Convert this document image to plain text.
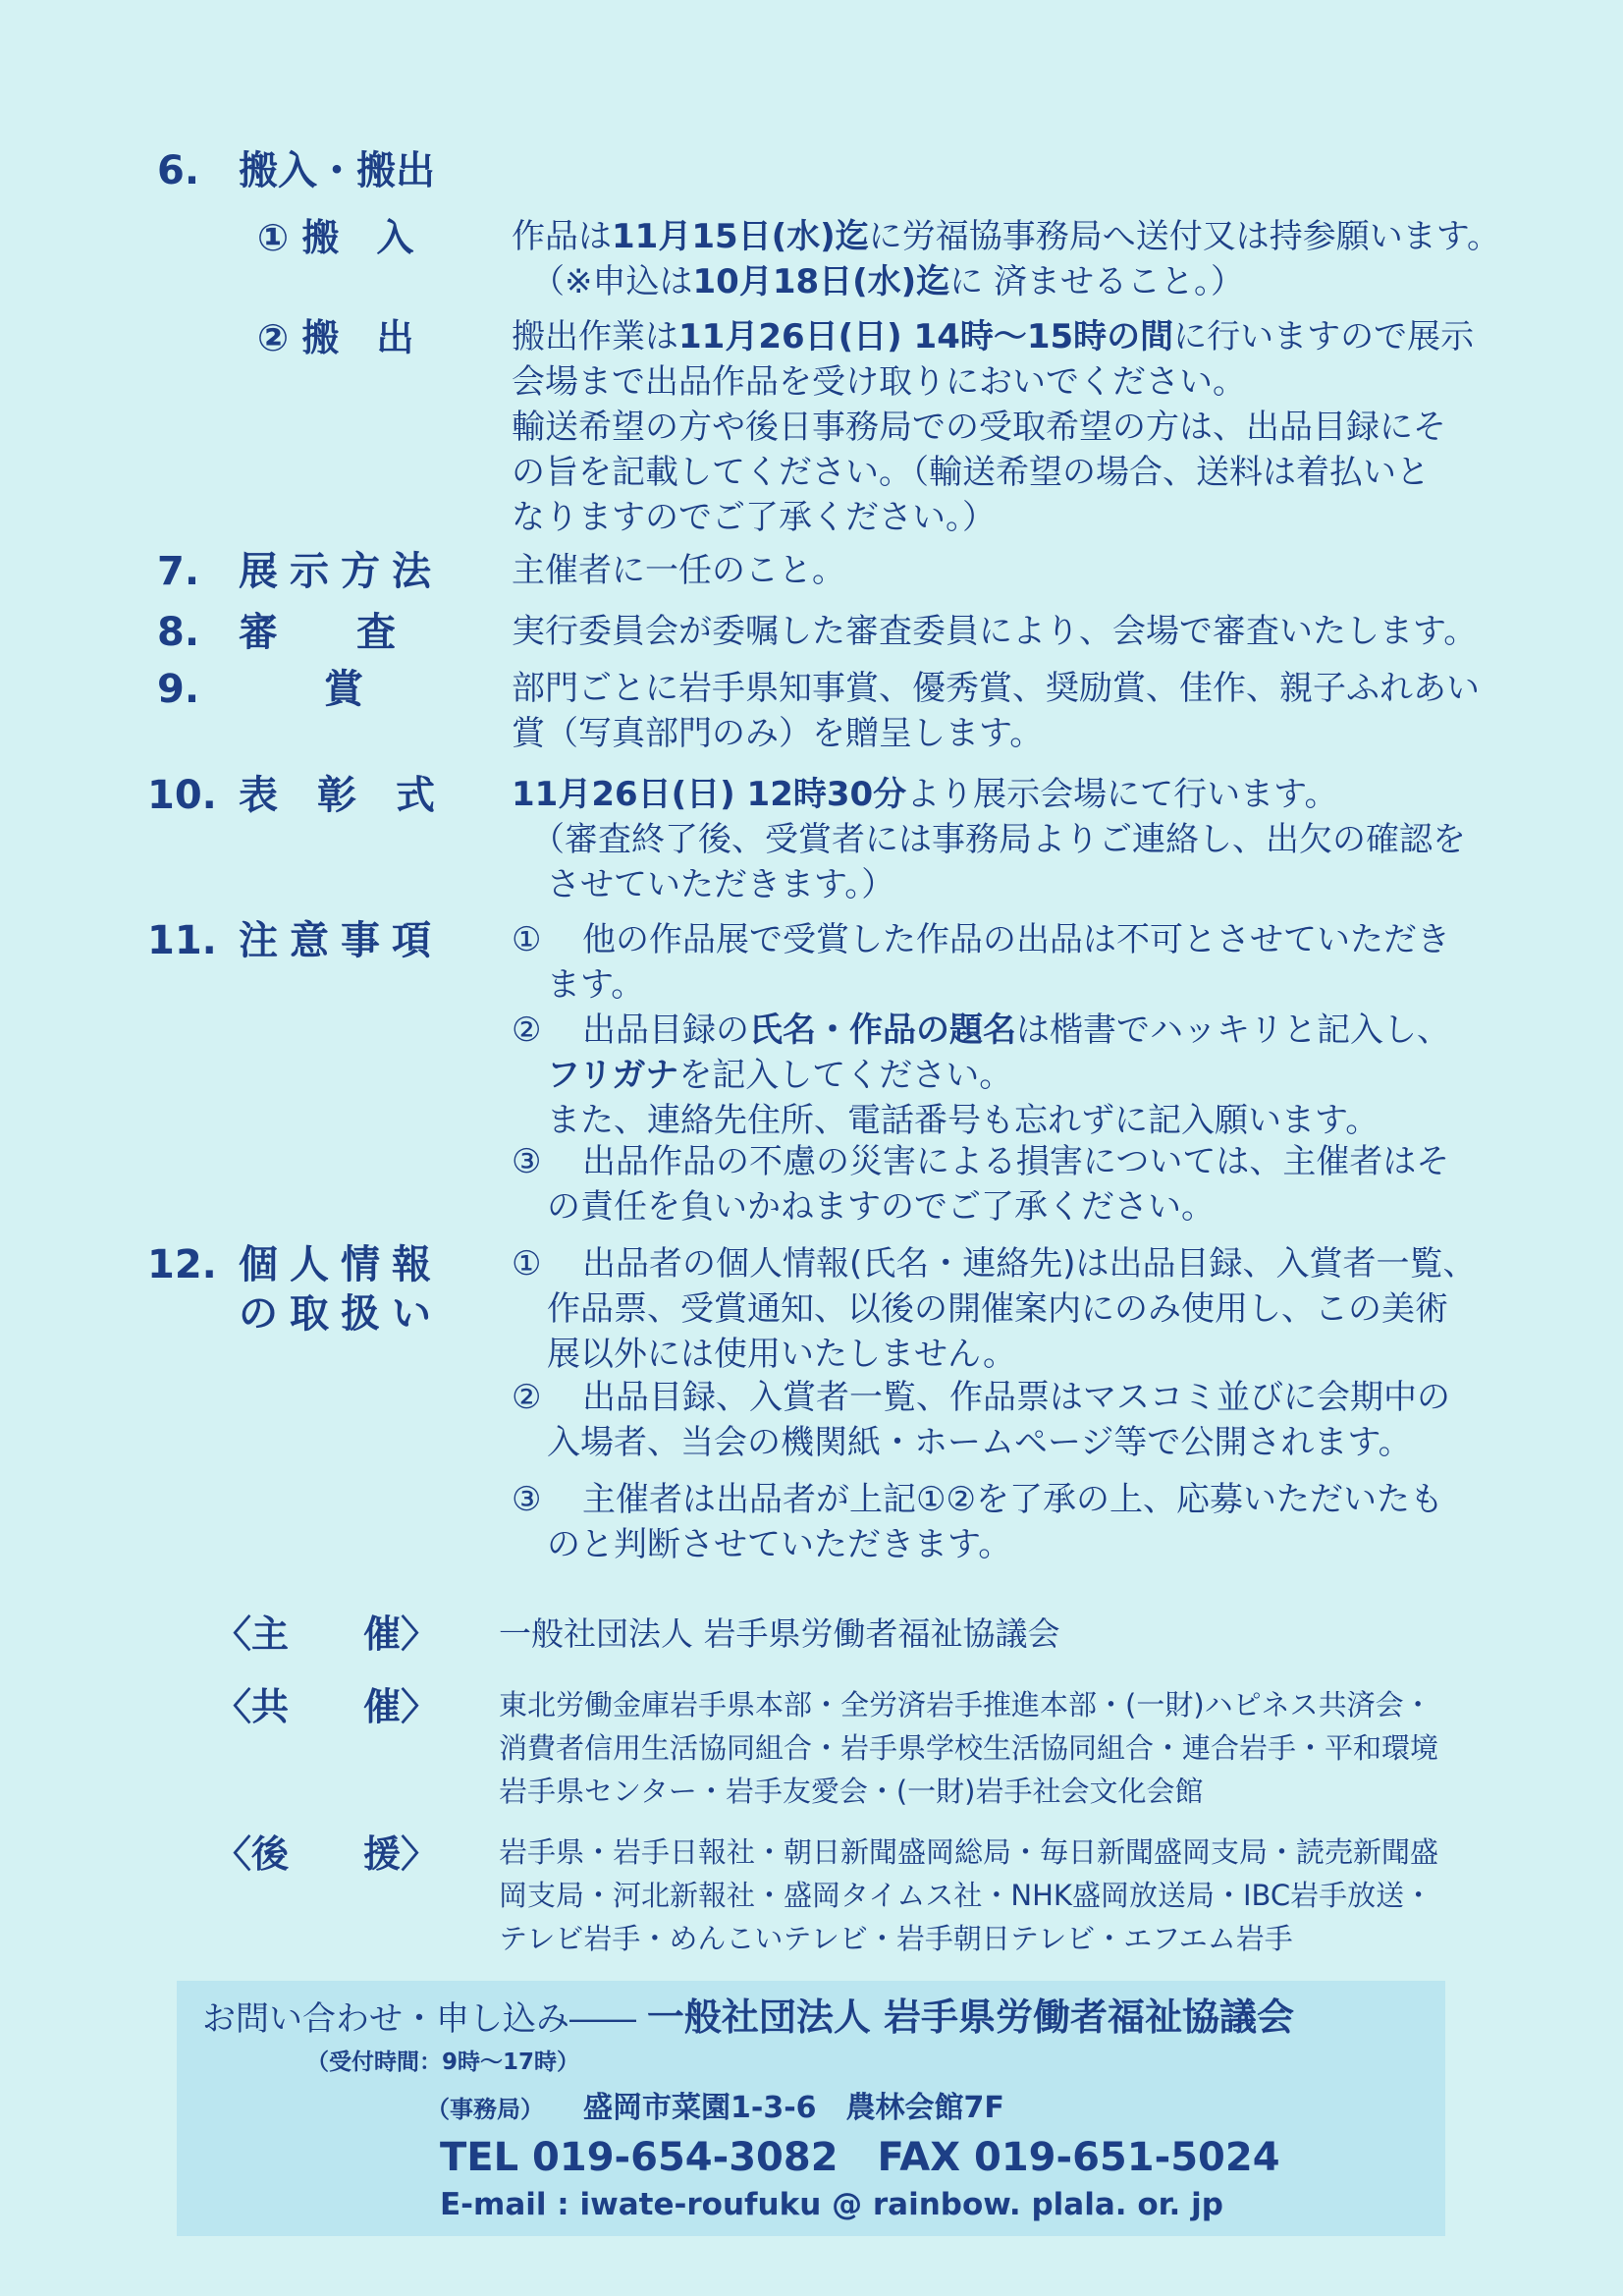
6. 搬入・搬出
① 搬　入	作品は11月15日(水)迄に労福協事務局へ送付又は持参願います。
（※申込は10月18日(水)迄に 済ませること。）
② 搬　出	搬出作業は11月26日(日) 14時～15時の間に行いますので展示
会場まで出品作品を受け取りにおいでください。
輸送希望の方や後日事務局での受取希望の方は、出品目録にそ
の旨を記載してください。（輸送希望の場合、送料は着払いと
なりますのでご了承ください。）
7. 展示方法 主催者に一任のこと。
8. 審　　査	実行委員会が委嘱した審査委員により、会場で審査いたします。
9.	賞	部門ごとに岩手県知事賞、優秀賞、奨励賞、佳作、親子ふれあい
賞（写真部門のみ）を贈呈します。
10. 表彰式 11月26日(日) 12時30分より展示会場にて行います。
（審査終了後、受賞者には事務局よりご連絡し、出欠の確認を
させていただきます。）
11. 注意事項 ①	他の作品展で受賞した作品の出品は不可とさせていただき
ます。
②	出品目録の氏名・作品の題名は楷書でハッキリと記入し、
フリガナを記入してください。
また、連絡先住所、電話番号も忘れずに記入願います。
③	出品作品の不慮の災害による損害については、主催者はそ
の責任を負いかねますのでご了承ください。
12. 個人情報
の取扱い
①	出品者の個人情報(氏名・連絡先)は出品目録、入賞者一覧、
作品票、受賞通知、以後の開催案内にのみ使用し、この美術
展以外には使用いたしません。
②	出品目録、入賞者一覧、作品票はマスコミ並びに会期中の
入場者、当会の機関紙・ホームページ等で公開されます。
③	主催者は出品者が上記①②を了承の上、応募いただいたも
のと判断させていただきます。
〈主　　催〉 一般社団法人 岩手県労働者福祉協議会
〈共　　催〉 東北労働金庫岩手県本部・全労済岩手推進本部・(一財)ハピネス共済会・
消費者信用生活協同組合・岩手県学校生活協同組合・連合岩手・平和環境
岩手県センター・岩手友愛会・(一財)岩手社会文化会館
〈後　　援〉 岩手県・岩手日報社・朝日新聞盛岡総局・毎日新聞盛岡支局・読売新聞盛
岡支局・河北新報社・盛岡タイムス社・NHK盛岡放送局・IBC岩手放送・
テレビ岩手・めんこいテレビ・岩手朝日テレビ・エフエム岩手
お問い合わせ・申し込み―― 一般社団法人 岩手県労働者福祉協議会
（受付時間：9時～17時）
（事務局） 盛岡市菜園1-3-6　農林会館7F
TEL 019-654-3082　FAX 019-651-5024
E-mail : iwate-roufuku @ rainbow. plala. or. jp
